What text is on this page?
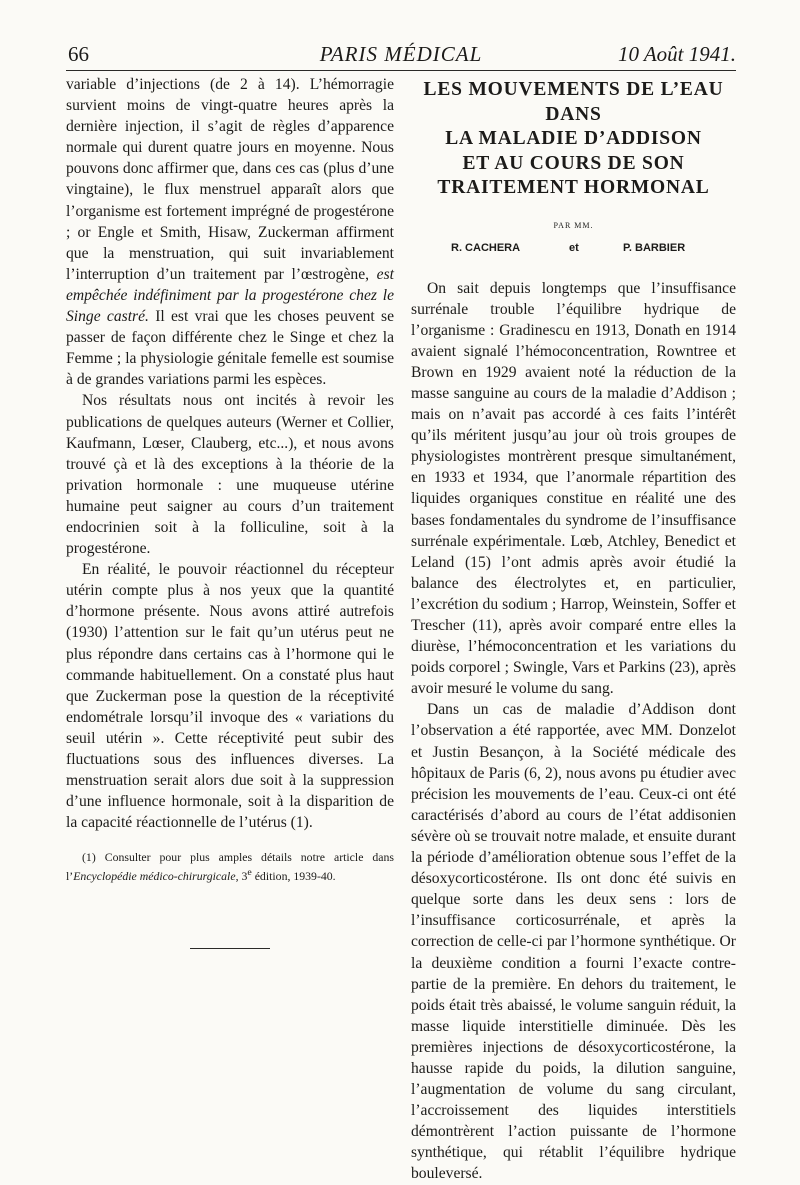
66	PARIS MÉDICAL	10 Août 1941.

variable d’injections (de 2 à 14). L’hémorragie survient moins de vingt-quatre heures après la dernière injection, il s’agit de règles d’apparence normale qui durent quatre jours en moyenne. Nous pouvons donc affirmer que, dans ces cas (plus d’une vingtaine), le flux menstruel apparaît alors que l’organisme est fortement imprégné de progestérone ; or Engle et Smith, Hisaw, Zuckerman affirment que la menstruation, qui suit invariablement l’interruption d’un traitement par l’œstrogène, est empêchée indéfiniment par la progestérone chez le Singe castré. Il est vrai que les choses peuvent se passer de façon différente chez le Singe et chez la Femme ; la physiologie génitale femelle est soumise à de grandes variations parmi les espèces.

Nos résultats nous ont incités à revoir les publications de quelques auteurs (Werner et Collier, Kaufmann, Lœser, Clauberg, etc...), et nous avons trouvé çà et là des exceptions à la théorie de la privation hormonale : une muqueuse utérine humaine peut saigner au cours d’un traitement endocrinien soit à la folliculine, soit à la progestérone.

En réalité, le pouvoir réactionnel du récepteur utérin compte plus à nos yeux que la quantité d’hormone présente. Nous avons attiré autrefois (1930) l’attention sur le fait qu’un utérus peut ne plus répondre dans certains cas à l’hormone qui le commande habituellement. On a constaté plus haut que Zuckerman pose la question de la réceptivité endométrale lorsqu’il invoque des « variations du seuil utérin ». Cette réceptivité peut subir des fluctuations sous des influences diverses. La menstruation serait alors due soit à la suppression d’une influence hormonale, soit à la disparition de la capacité réactionnelle de l’utérus (1).

(1) Consulter pour plus amples détails notre article dans l’Encyclopédie médico-chirurgicale, 3e édition, 1939-40.

LES MOUVEMENTS DE L’EAU
DANS
LA MALADIE D’ADDISON
ET AU COURS DE SON
TRAITEMENT HORMONAL
PAR MM.
R. CACHERA	et	P. BARBIER

On sait depuis longtemps que l’insuffisance surrénale trouble l’équilibre hydrique de l’organisme : Gradinescu en 1913, Donath en 1914 avaient signalé l’hémoconcentration, Rowntree et Brown en 1929 avaient noté la réduction de la masse sanguine au cours de la maladie d’Addison ; mais on n’avait pas accordé à ces faits l’intérêt qu’ils méritent jusqu’au jour où trois groupes de physiologistes montrèrent presque simultanément, en 1933 et 1934, que l’anormale répartition des liquides organiques constitue en réalité une des bases fondamentales du syndrome de l’insuffisance surrénale expérimentale. Lœb, Atchley, Benedict et Leland (15) l’ont admis après avoir étudié la balance des électrolytes et, en particulier, l’excrétion du sodium ; Harrop, Weinstein, Soffer et Trescher (11), après avoir comparé entre elles la diurèse, l’hémoconcentration et les variations du poids corporel ; Swingle, Vars et Parkins (23), après avoir mesuré le volume du sang.

Dans un cas de maladie d’Addison dont l’observation a été rapportée, avec MM. Donzelot et Justin Besançon, à la Société médicale des hôpitaux de Paris (6, 2), nous avons pu étudier avec précision les mouvements de l’eau. Ceux-ci ont été caractérisés d’abord au cours de l’état addisonien sévère où se trouvait notre malade, et ensuite durant la période d’amélioration obtenue sous l’effet de la désoxycorticostérone. Ils ont donc été suivis en quelque sorte dans les deux sens : lors de l’insuffisance corticosurrénale, et après la correction de celle-ci par l’hormone synthétique. Or la deuxième condition a fourni l’exacte contre-partie de la première. En dehors du traitement, le poids était très abaissé, le volume sanguin réduit, la masse liquide interstitielle diminuée. Dès les premières injections de désoxycorticostérone, la hausse rapide du poids, la dilution sanguine, l’augmentation de volume du sang circulant, l’accroissement des liquides interstitiels démontrèrent l’action puissante de l’hormone synthétique, qui rétablit l’équilibre hydrique bouleversé.
